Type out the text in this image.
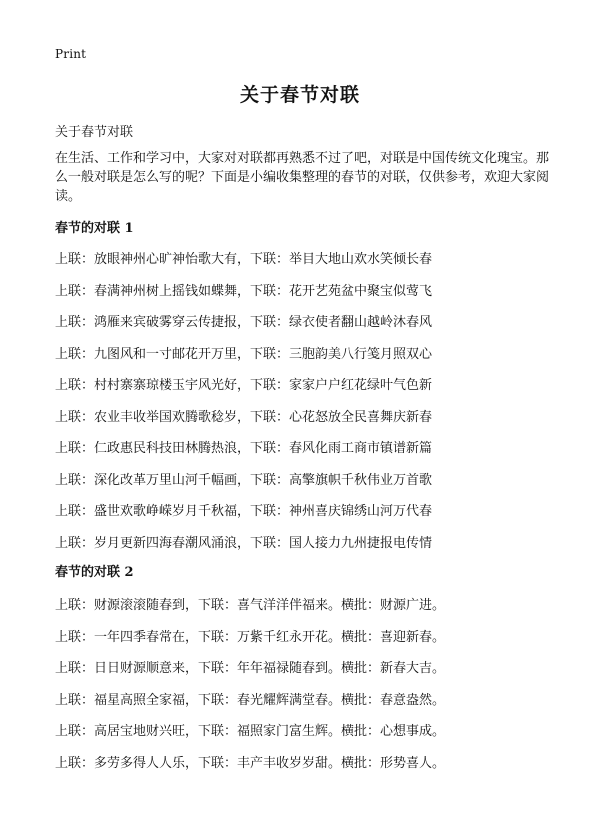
Print
关于春节对联
关于春节对联
在生活、工作和学习中，大家对对联都再熟悉不过了吧，对联是中国传统文化瑰宝。那么一般对联是怎么写的呢？下面是小编收集整理的春节的对联，仅供参考，欢迎大家阅读。
春节的对联 1
上联：放眼神州心旷神怡歌大有，下联：举目大地山欢水笑倾长春
上联：春满神州树上摇钱如蝶舞，下联：花开艺苑盆中聚宝似莺飞
上联：鸿雁来宾破雾穿云传捷报，下联：绿衣使者翻山越岭沐春风
上联：九图风和一寸邮花开万里，下联：三胞韵美八行笺月照双心
上联：村村寨寨琼楼玉宇风光好，下联：家家户户红花绿叶气色新
上联：农业丰收举国欢腾歌稔岁，下联：心花怒放全民喜舞庆新春
上联：仁政惠民科技田林腾热浪，下联：春风化雨工商市镇谱新篇
上联：深化改革万里山河千幅画，下联：高擎旗帜千秋伟业万首歌
上联：盛世欢歌峥嵘岁月千秋福，下联：神州喜庆锦绣山河万代春
上联：岁月更新四海春潮风涌浪，下联：国人接力九州捷报电传情
春节的对联 2
上联：财源滚滚随春到，下联：喜气洋洋伴福来。横批：财源广进。
上联：一年四季春常在，下联：万紫千红永开花。横批：喜迎新春。
上联：日日财源顺意来，下联：年年福禄随春到。横批：新春大吉。
上联：福星高照全家福，下联：春光耀辉满堂春。横批：春意盎然。
上联：高居宝地财兴旺，下联：福照家门富生辉。横批：心想事成。
上联：多劳多得人人乐，下联：丰产丰收岁岁甜。横批：形势喜人。
